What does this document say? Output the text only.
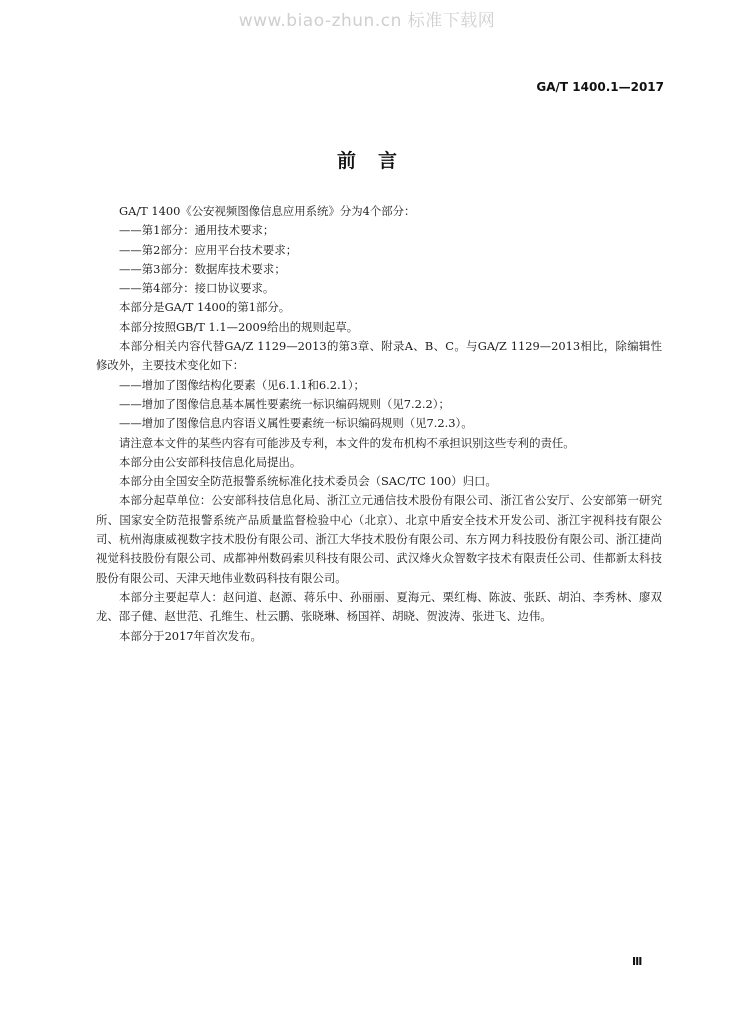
www.biao-zhun.cn 标准下载网
GA/T 1400.1—2017
前言

GA/T 1400《公安视频图像信息应用系统》分为4个部分：

——第1部分：通用技术要求；

——第2部分：应用平台技术要求；

——第3部分：数据库技术要求；

——第4部分：接口协议要求。

本部分是GA/T 1400的第1部分。

本部分按照GB/T 1.1—2009给出的规则起草。

本部分相关内容代替GA/Z 1129—2013的第3章、附录A、B、C。与GA/Z 1129—2013相比，除编辑性修改外，主要技术变化如下：

——增加了图像结构化要素（见6.1.1和6.2.1）；

——增加了图像信息基本属性要素统一标识编码规则（见7.2.2）；

——增加了图像信息内容语义属性要素统一标识编码规则（见7.2.3）。

请注意本文件的某些内容有可能涉及专利，本文件的发布机构不承担识别这些专利的责任。

本部分由公安部科技信息化局提出。

本部分由全国安全防范报警系统标准化技术委员会（SAC/TC 100）归口。

本部分起草单位：公安部科技信息化局、浙江立元通信技术股份有限公司、浙江省公安厅、公安部第一研究所、国家安全防范报警系统产品质量监督检验中心（北京）、北京中盾安全技术开发公司、浙江宇视科技有限公司、杭州海康威视数字技术股份有限公司、浙江大华技术股份有限公司、东方网力科技股份有限公司、浙江捷尚视觉科技股份有限公司、成都神州数码索贝科技有限公司、武汉烽火众智数字技术有限责任公司、佳都新太科技股份有限公司、天津天地伟业数码科技有限公司。

本部分主要起草人：赵问道、赵源、蒋乐中、孙丽丽、夏海元、栗红梅、陈波、张跃、胡泊、李秀林、廖双龙、邵子健、赵世范、孔维生、杜云鹏、张晓琳、杨国祥、胡晓、贺波涛、张进飞、边伟。

本部分于2017年首次发布。

Ⅲ
